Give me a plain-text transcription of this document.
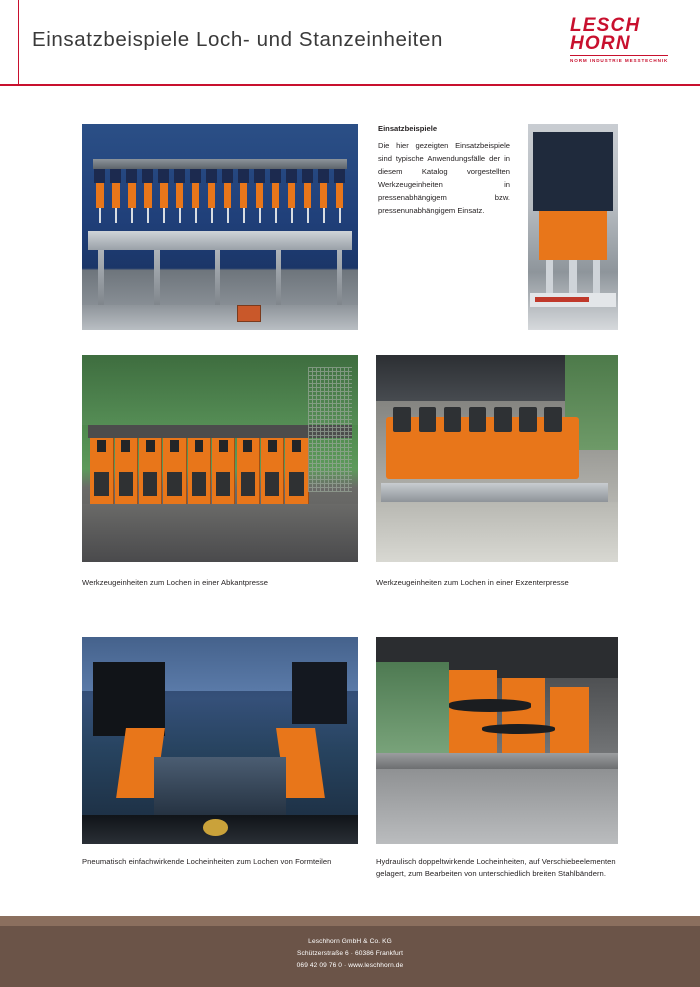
Einsatzbeispiele Loch- und Stanzeinheiten
LESCH
HORN
NORM INDUSTRIE MESSTECHNIK
Einsatzbeispiele
Die hier gezeigten Einsatzbeispiele sind typische Anwendungsfälle der in diesem Katalog vorgestellten Werkzeugeinheiten in pressenabhängigem bzw. pressenunabhängigem Einsatz.
Werkzeugeinheiten zum Lochen in einer Abkantpresse	Werkzeugeinheiten zum Lochen in einer Exzenterpresse
Pneumatisch einfachwirkende Locheinheiten zum Lochen von Formteilen	Hydraulisch doppeltwirkende Locheinheiten, auf Verschiebeelementen gelagert, zum Bearbeiten von unterschiedlich breiten Stahlbändern.
Leschhorn GmbH & Co. KG
Schützerstraße 6 · 60386 Frankfurt
069 42 09 76 0 · www.leschhorn.de
